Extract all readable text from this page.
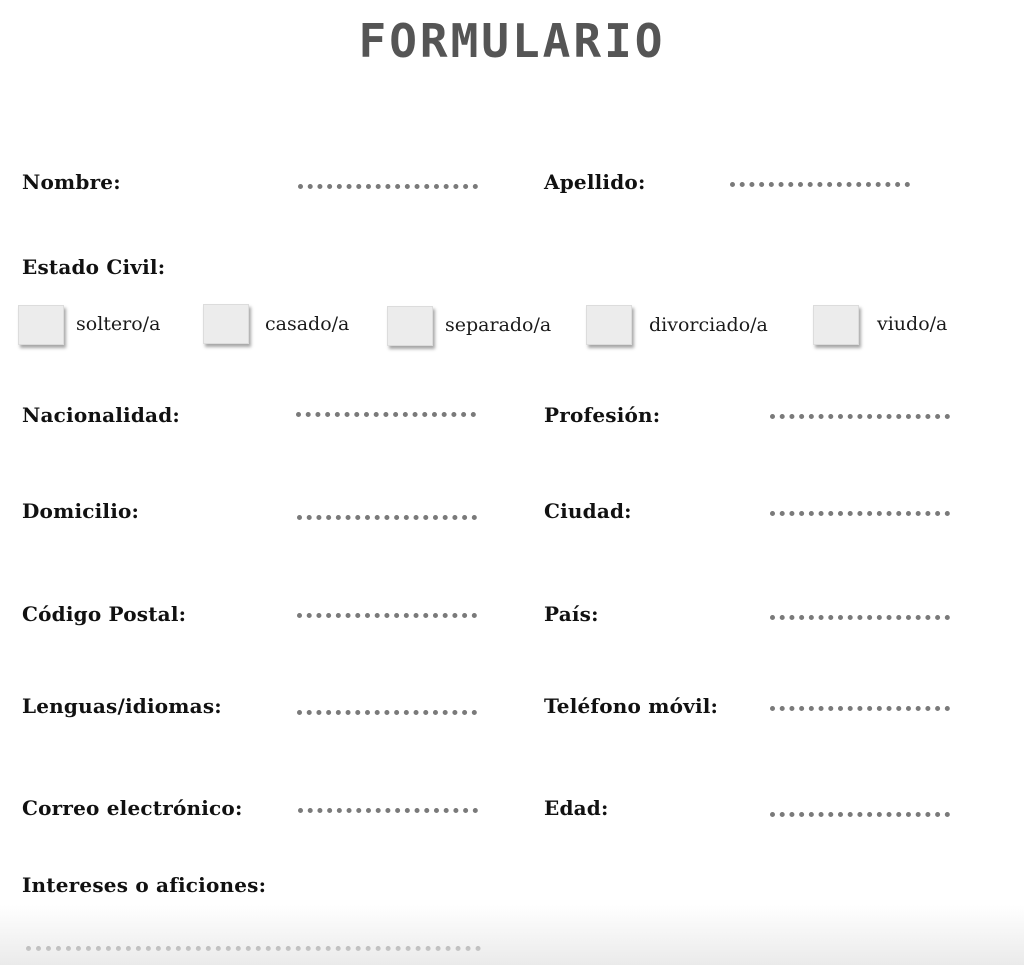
FORMULARIO
Nombre:	Apellido:
Estado Civil:
soltero/a	casado/a	separado/a	divorciado/a	viudo/a
Nacionalidad:	Profesión:
Domicilio:	Ciudad:
Código Postal:	País:
Lenguas/idiomas:	Teléfono móvil:
Correo electrónico:	Edad:
Intereses o aficiones:
